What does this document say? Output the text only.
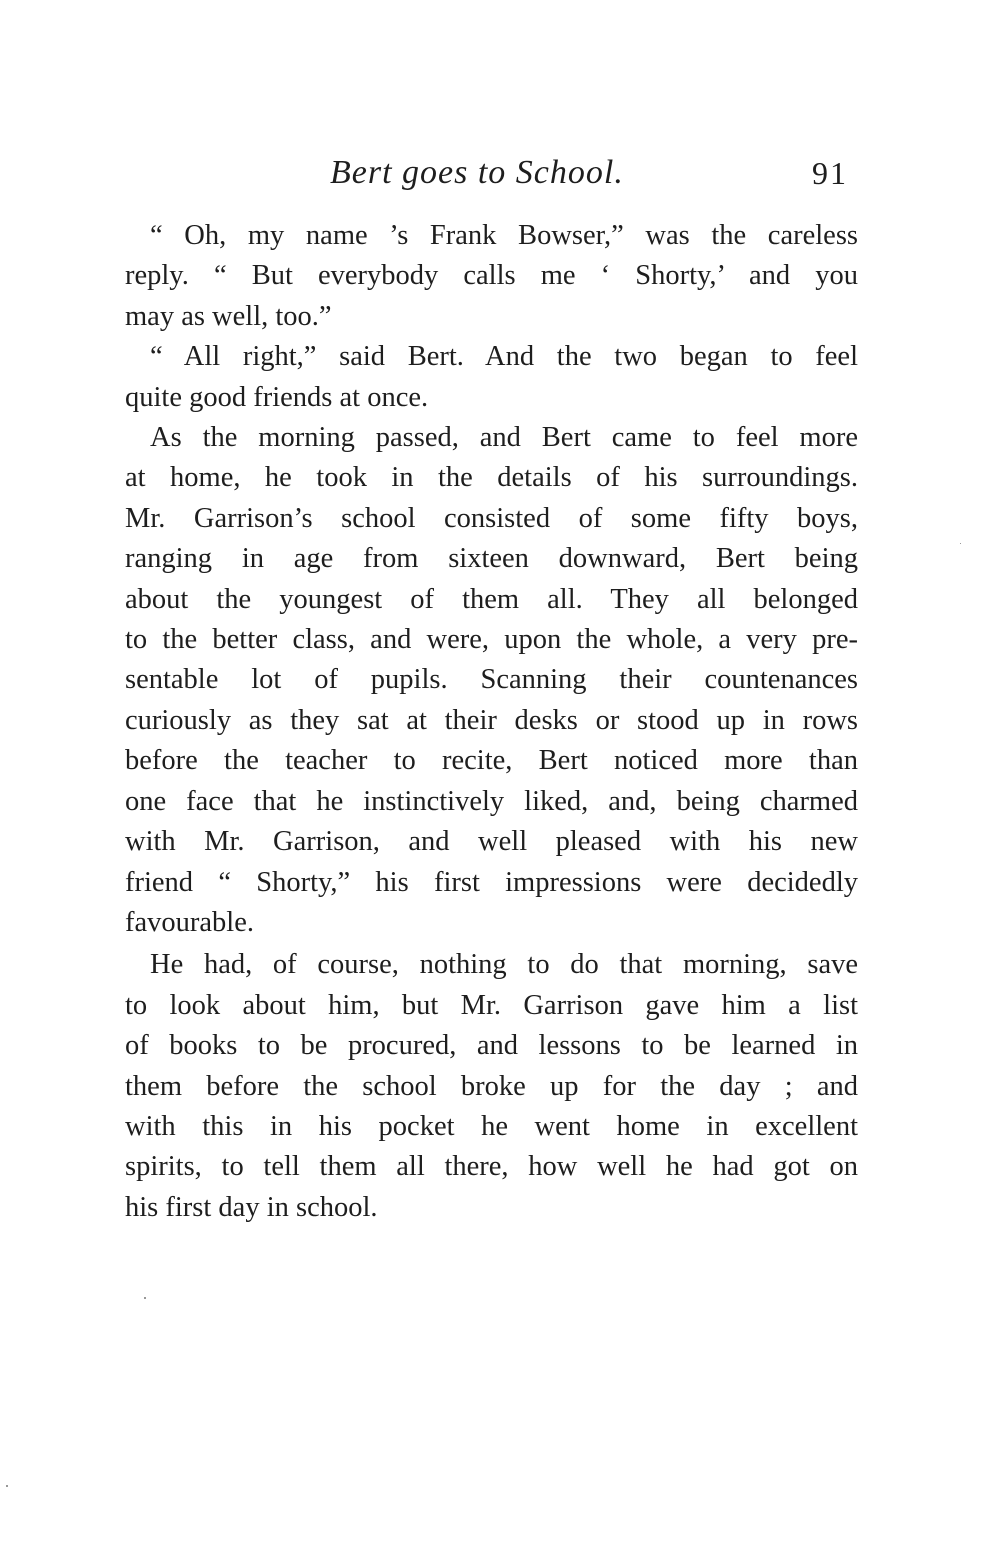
Bert goes to School.	91

“ Oh, my name ’s Frank Bowser,” was the careless
reply. “ But everybody calls me ‘ Shorty,’ and you
may as well, too.”

“ All right,” said Bert. And the two began to feel
quite good friends at once.

As the morning passed, and Bert came to feel more
at home, he took in the details of his surroundings.
Mr. Garrison’s school consisted of some fifty boys,
ranging in age from sixteen downward, Bert being
about the youngest of them all. They all belonged
to the better class, and were, upon the whole, a very pre-
sentable lot of pupils. Scanning their countenances
curiously as they sat at their desks or stood up in rows
before the teacher to recite, Bert noticed more than
one face that he instinctively liked, and, being charmed
with Mr. Garrison, and well pleased with his new
friend “ Shorty,” his first impressions were decidedly
favourable.

He had, of course, nothing to do that morning, save
to look about him, but Mr. Garrison gave him a list
of books to be procured, and lessons to be learned in
them before the school broke up for the day ; and
with this in his pocket he went home in excellent
spirits, to tell them all there, how well he had got on
his first day in school.
